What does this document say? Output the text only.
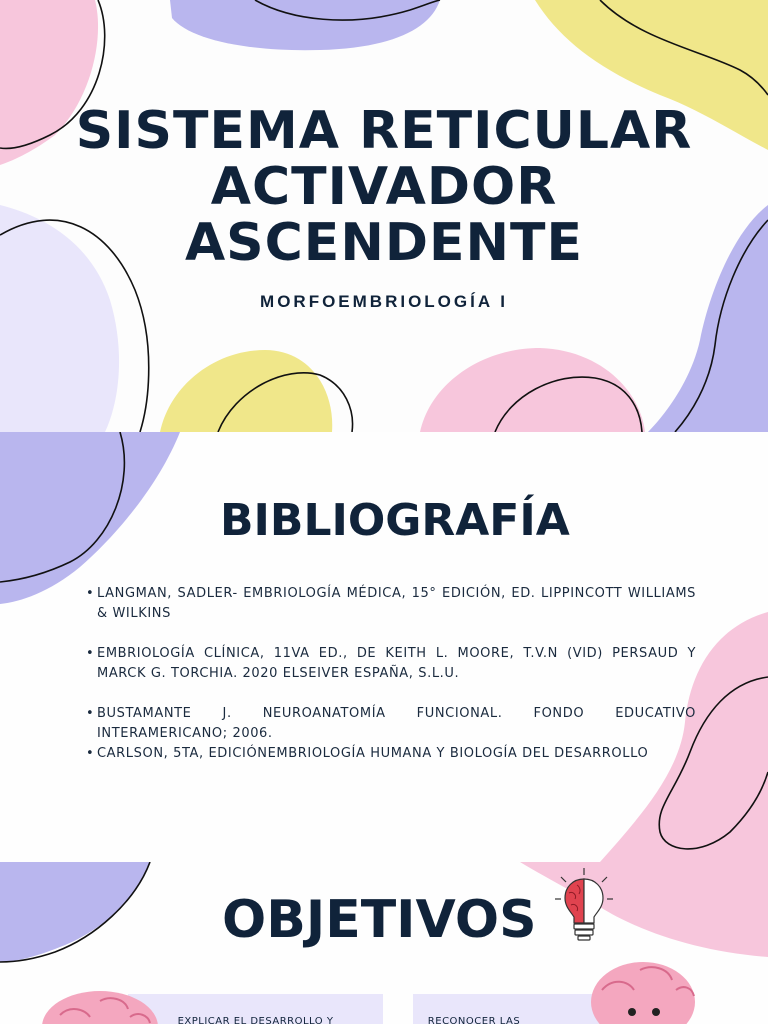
SISTEMA RETICULAR
ACTIVADOR
ASCENDENTE
MORFOEMBRIOLOGÍA I
BIBLIOGRAFÍA
• LANGMAN, SADLER- EMBRIOLOGÍA MÉDICA, 15° EDICIÓN, ED. LIPPINCOTT WILLIAMS & WILKINS
• EMBRIOLOGÍA CLÍNICA, 11VA ED., DE KEITH L. MOORE, T.V.N (VID) PERSAUD Y MARCK G. TORCHIA. 2020 ELSEIVER ESPAÑA, S.L.U.
• BUSTAMANTE J. NEUROANATOMÍA FUNCIONAL. FONDO EDUCATIVO INTERAMERICANO; 2006.
• CARLSON, 5TA, EDICIÓNEMBRIOLOGÍA HUMANA Y BIOLOGÍA DEL DESARROLLO
OBJETIVOS
EXPLICAR EL DESARROLLO Y	RECONOCER LAS
